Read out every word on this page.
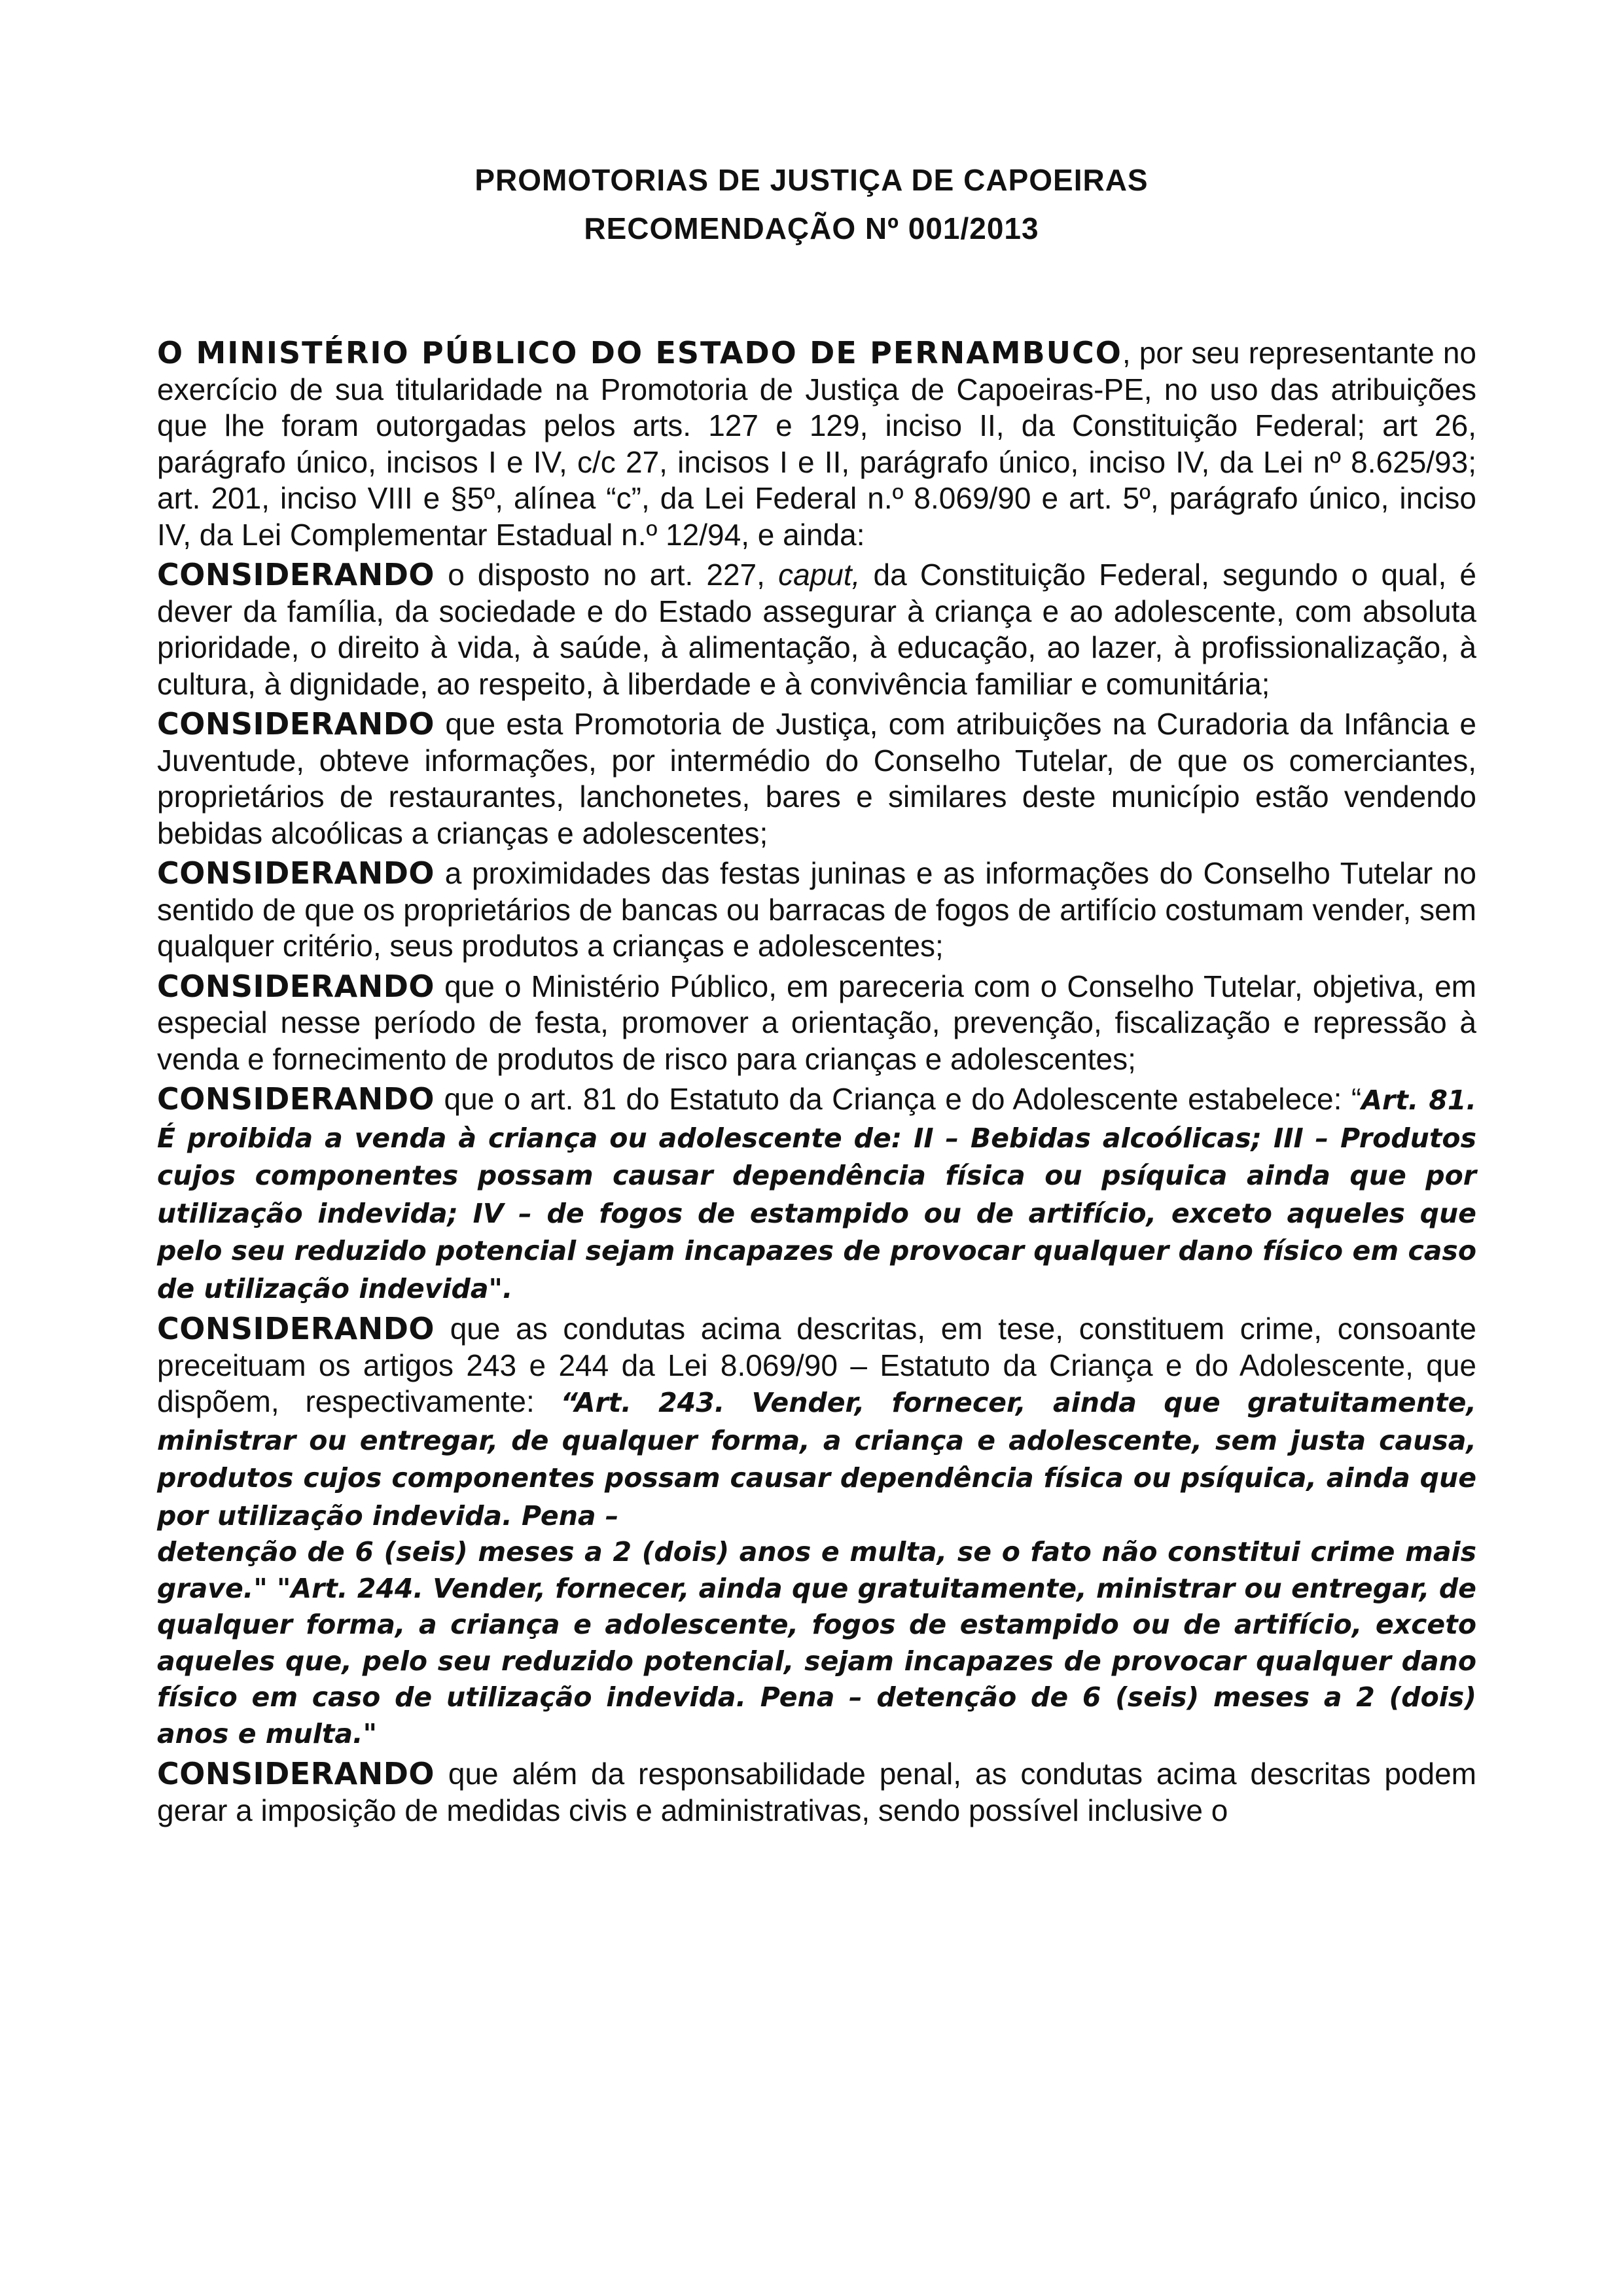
PROMOTORIAS DE JUSTIÇA DE CAPOEIRAS
RECOMENDAÇÃO Nº 001/2013

O MINISTÉRIO PÚBLICO DO ESTADO DE PERNAMBUCO, por seu representante no exercício de sua titularidade na Promotoria de Justiça de Capoeiras-PE, no uso das atribuições que lhe foram outorgadas pelos arts. 127 e 129, inciso II, da Constituição Federal; art 26, parágrafo único, incisos I e IV, c/c 27, incisos I e II, parágrafo único, inciso IV, da Lei nº 8.625/93; art. 201, inciso VIII e §5º, alínea “c”, da Lei Federal n.º 8.069/90 e art. 5º, parágrafo único, inciso IV, da Lei Complementar Estadual n.º 12/94, e ainda:

CONSIDERANDO o disposto no art. 227, caput, da Constituição Federal, segundo o qual, é dever da família, da sociedade e do Estado assegurar à criança e ao adolescente, com absoluta prioridade, o direito à vida, à saúde, à alimentação, à educação, ao lazer, à profissionalização, à cultura, à dignidade, ao respeito, à liberdade e à convivência familiar e comunitária;

CONSIDERANDO que esta Promotoria de Justiça, com atribuições na Curadoria da Infância e Juventude, obteve informações, por intermédio do Conselho Tutelar, de que os comerciantes, proprietários de restaurantes, lanchonetes, bares e similares deste município estão vendendo bebidas alcoólicas a crianças e adolescentes;

CONSIDERANDO a proximidades das festas juninas e as informações do Conselho Tutelar no sentido de que os proprietários de bancas ou barracas de fogos de artifício costumam vender, sem qualquer critério, seus produtos a crianças e adolescentes;

CONSIDERANDO que o Ministério Público, em pareceria com o Conselho Tutelar, objetiva, em especial nesse período de festa, promover a orientação, prevenção, fiscalização e repressão à venda e fornecimento de produtos de risco para crianças e adolescentes;

CONSIDERANDO que o art. 81 do Estatuto da Criança e do Adolescente estabelece: “Art. 81. É proibida a venda à criança ou adolescente de: II – Bebidas alcoólicas; III – Produtos cujos componentes possam causar dependência física ou psíquica ainda que por utilização indevida; IV – de fogos de estampido ou de artifício, exceto aqueles que pelo seu reduzido potencial sejam incapazes de provocar qualquer dano físico em caso de utilização indevida".

CONSIDERANDO que as condutas acima descritas, em tese, constituem crime, consoante preceituam os artigos 243 e 244 da Lei 8.069/90 – Estatuto da Criança e do Adolescente, que dispõem, respectivamente: “Art. 243. Vender, fornecer, ainda que gratuitamente, ministrar ou entregar, de qualquer forma, a criança e adolescente, sem justa causa, produtos cujos componentes possam causar dependência física ou psíquica, ainda que por utilização indevida. Pena –
detenção de 6 (seis) meses a 2 (dois) anos e multa, se o fato não constitui crime mais grave." "Art. 244. Vender, fornecer, ainda que gratuitamente, ministrar ou entregar, de qualquer forma, a criança e adolescente, fogos de estampido ou de artifício, exceto aqueles que, pelo seu reduzido potencial, sejam incapazes de provocar qualquer dano físico em caso de utilização indevida. Pena – detenção de 6 (seis) meses a 2 (dois) anos e multa."

CONSIDERANDO que além da responsabilidade penal, as condutas acima descritas podem gerar a imposição de medidas civis e administrativas, sendo possível inclusive o
